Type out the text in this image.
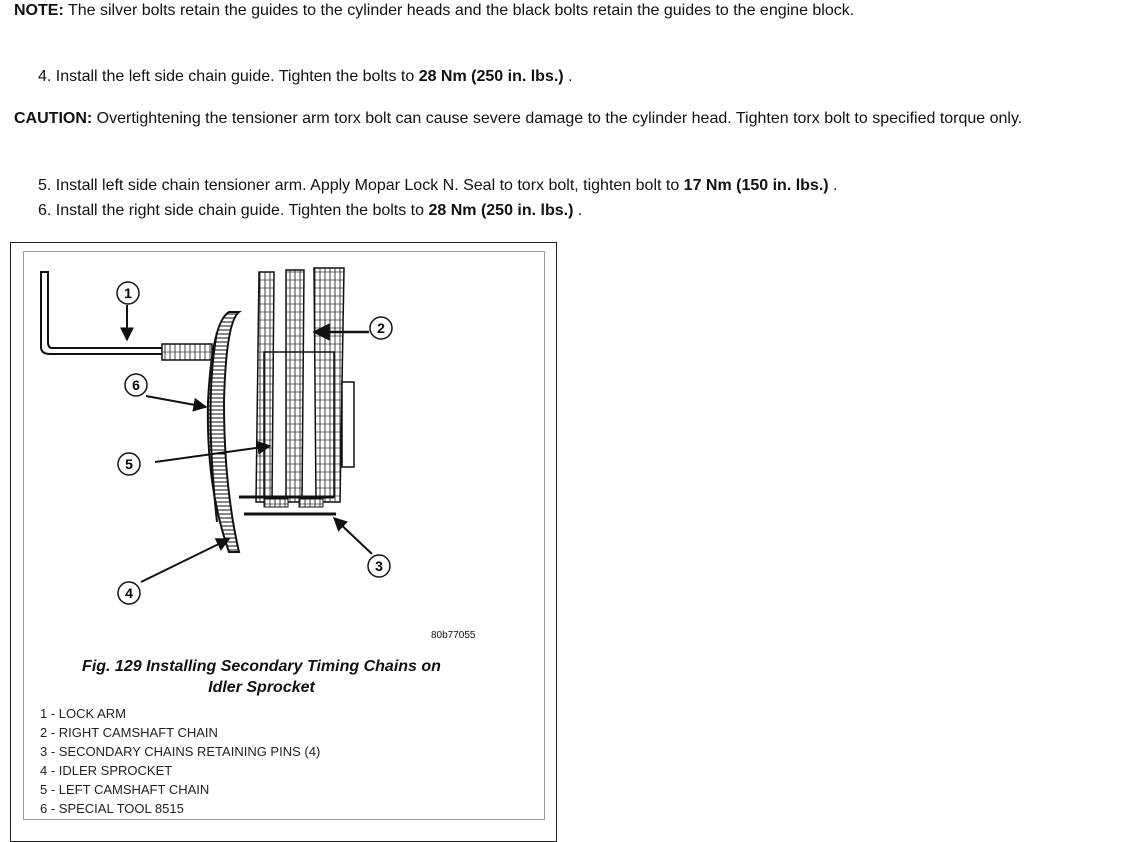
NOTE: The silver bolts retain the guides to the cylinder heads and the black bolts retain the guides to the engine block.
4. Install the left side chain guide. Tighten the bolts to 28 Nm (250 in. lbs.) .
CAUTION: Overtightening the tensioner arm torx bolt can cause severe damage to the cylinder head. Tighten torx bolt to specified torque only.
5. Install left side chain tensioner arm. Apply Mopar Lock N. Seal to torx bolt, tighten bolt to 17 Nm (150 in. lbs.) .
6. Install the right side chain guide. Tighten the bolts to 28 Nm (250 in. lbs.) .
1
2
6
5
3
4
80b77055
Fig. 129 Installing Secondary Timing Chains on
Idler Sprocket
1 - LOCK ARM
2 - RIGHT CAMSHAFT CHAIN
3 - SECONDARY CHAINS RETAINING PINS (4)
4 - IDLER SPROCKET
5 - LEFT CAMSHAFT CHAIN
6 - SPECIAL TOOL 8515
